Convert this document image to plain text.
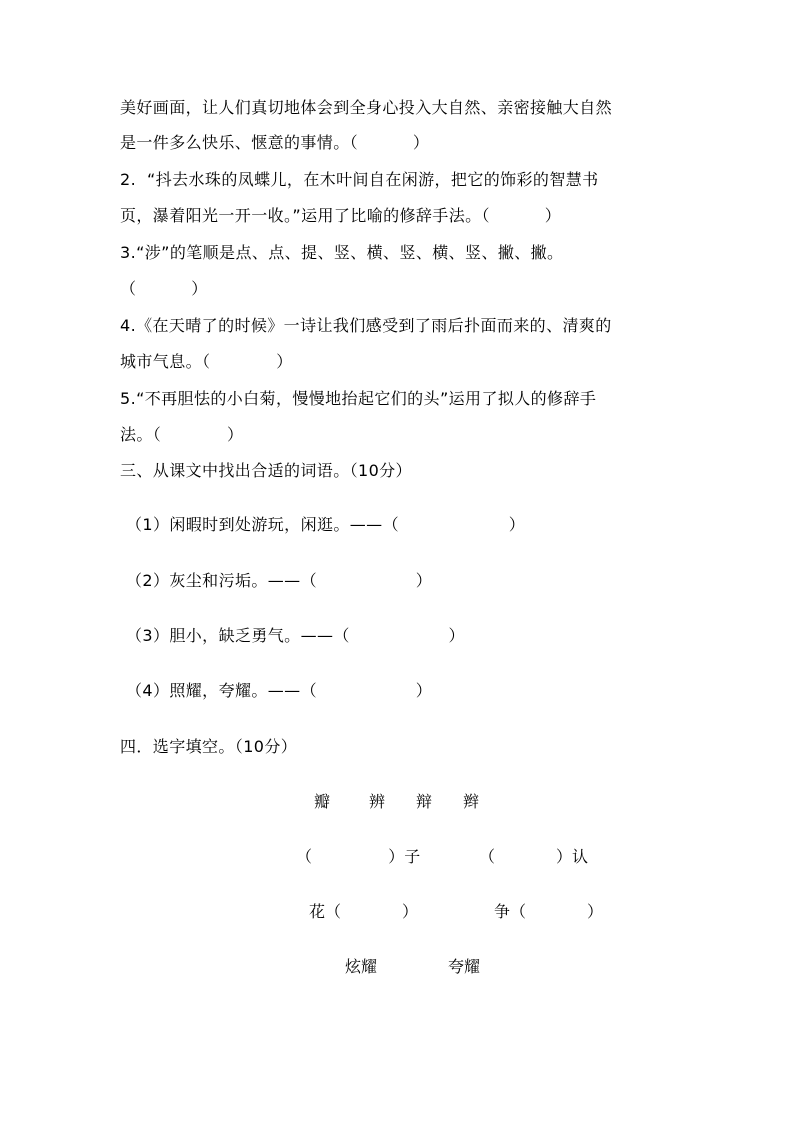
美好画面，让人们真切地体会到全身心投入大自然、亲密接触大自然
是一件多么快乐、惬意的事情。（          ）
2.  “抖去水珠的凤蝶儿，在木叶间自在闲游，把它的饰彩的智慧书
页，瀑着阳光一开一收。”运用了比喻的修辞手法。（          ）
3.“涉”的笔顺是点、点、提、竖、横、竖、横、竖、撇、撇。
（          ）
4.《在天晴了的时候》一诗让我们感受到了雨后扑面而来的、清爽的
城市气息。（            ）
5.“不再胆怯的小白菊，慢慢地抬起它们的头”运用了拟人的修辞手
法。（            ）
三、从课文中找出合适的词语。（10分）
（1）闲暇时到处游玩，闲逛。——（                    ）
（2）灰尘和污垢。——（                  ）
（3）胆小，缺乏勇气。——（                  ）
（4）照耀，夸耀。——（                  ）
四．选字填空。（10分）
瓣 辨 辩 辫
（               ）子	（            ）认
花（            ）	争（            ）
炫耀	夸耀
